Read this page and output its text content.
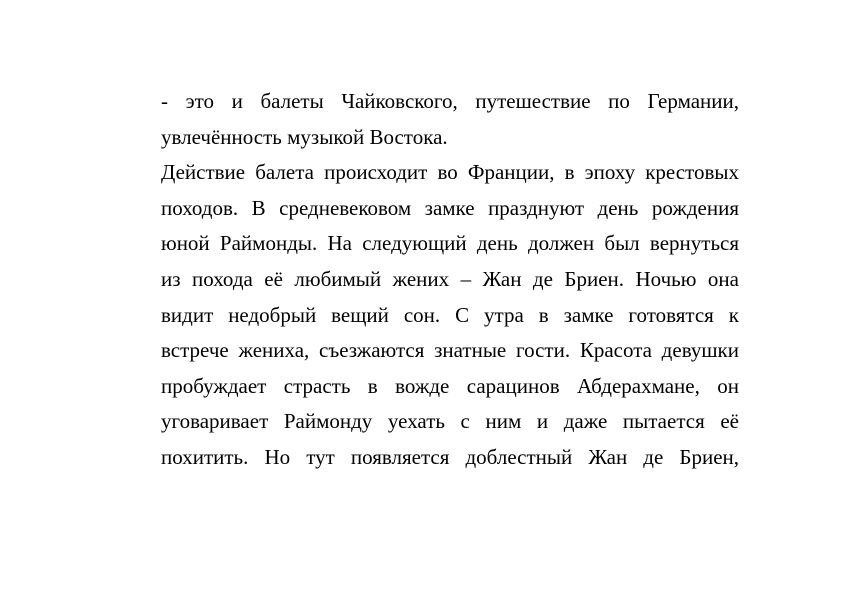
- это и балеты Чайковского, путешествие по Германии,
увлечённость музыкой Востока.
Действие балета происходит во Франции, в эпоху крестовых
походов. В средневековом замке празднуют день рождения
юной Раймонды. На следующий день должен был вернуться
из похода её любимый жених – Жан де Бриен. Ночью она
видит недобрый вещий сон. С утра в замке готовятся к
встрече жениха, съезжаются знатные гости. Красота девушки
пробуждает страсть в вожде сарацинов Абдерахмане, он
уговаривает Раймонду уехать с ним и даже пытается её
похитить. Но тут появляется доблестный Жан де Бриен,
